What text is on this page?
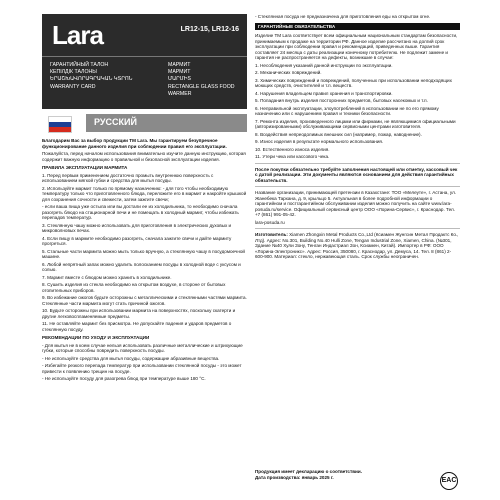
Lara	LR12-15, LR12-16
ГАРАНТИЙНЫЙ ТАЛОН
КЕПІЛДІК ТАЛОНЫ
ԵՐԱՇԽԱՎՈՐԱԳՐԱԿԱՆ ԿՏՐՈՆ
WARRANTY CARD
МАРМИТ
МАРМИТ
ՄԱՐՄԻՏ
RECTANGLE GLASS FOOD
WARMER
РУССКИЙ

Благодарим Вас за выбор продукции ТМ Lara. Мы гарантируем безупречное функционирование данного изделия при соблюдении правил его эксплуатации.

Пожалуйста, перед началом использования внимательно изучите данную инструкцию, которая содержит важную информацию о правильной и безопасной эксплуатации изделия.

ПРАВИЛА ЭКСПЛУАТАЦИИ МАРМИТА

1. Перед первым применением достаточно промыть внутреннюю поверхность с использованием мягкой губки и средства для мытья посуды.

2. Используйте мармит только по прямому назначению: - для того чтобы необходимую температуру только что приготовленного блюда, переложите его в мармит и накройте крышкой для сохранения сочности и свежести, затем зажгите свечи;

- если ваша пища уже остыла или вы достали ее из холодильника, то необходимо сначала разогреть блюдо на стационарной печи и не помещать в холодный мармит, чтобы избежать перепадов температур.

3. Стеклянную чашу можно использовать для приготовления в электрических духовых и микроволновых печах.

4. Если пищу в мармите необходимо разогреть, сначала зажгите свечи и дайте мармиту прогреться.

5. Стальные части мармита можно мыть только вручную, а стеклянную чашу в посудомоечной машине.

6. Любой непрятный запах можно удалить полосканием посуды в холодной воде с уксусом и солью.

7. Мармит вместе с блюдом можно хранить в холодильнике.

8. Сушить изделия из стекла необходимо на открытом воздухе, в стороне от бытовых отопительных приборов.

9. Во избежание ожогов будьте осторожны с металлическими и стеклянными частями мармита. Стеклянные части мармита могут стать причиной ожогов.

10. Будьте осторожны при использовании мармита на поверхностях, поскольку скатерти и другие легковоспламеняемые предметы.

11. Не оставляйте мармит без присмотра. Не допускайте падения и ударов предметов о стеклянную посуду.

РЕКОМЕНДАЦИИ ПО УХОДУ И ЭКСПЛУАТАЦИИ

- Для мытья не в коем случае нельзя использовать различные металлические и штрихующие губки, которые способны повредить поверхность посуды.

- Не используйте средства для мытья посуды, содержащие абразивные вещества.

- Избегайте резкого перепада температур при использовании стеклянной посуды - это может привести к появлению трещин на посуде.

- Не используйте посуду для разогрева блюд при температуре выше 180 °С.

- Стеклянная посуда не предназначена для приготовления еды на открытом огне.

ГАРАНТИЙНЫЕ ОБЯЗАТЕЛЬСТВА

Изделие ТМ Lara соответствует всем официальным национальным стандартам безопасности, принимаемым к продаже на территории РФ. Данное изделие рассчитано на долгий срок эксплуатации при соблюдении правил и рекомендаций, приведенных выше. Гарантия составляет 24 месяца с даты реализации конечному потребителю. Не подлежит замене и гарантия не распространяется на дефекты, возникшие в случае:

1. Несоблюдения указаний данной инструкции по эксплуатации.

2. Механических повреждений.

3. Химических повреждений и повреждений, полученных при использовании неподходящих моющих средств, очистителей и т.п. веществ.

4. Нарушения владельцем правил хранения и транспортировки.

5. Попадания внутрь изделия посторонних предметов, бытовых насекомых и т.п.

6. Неправильной эксплуатации, злоупотреблений в использовании не по его прямому назначению или с нарушением правил и техники безопасности.

7. Ремонта изделия, произведенного лицами или фирмами, не являющимися официальными (авторизированными) обслуживающими сервисными центрами изготовителя.

8. Воздействия непреодолимых внешних сил (например, пожар, наводнение).

9. Износ изделия в результате нормального использования.

10. Естественного износа изделия.

11. Утери чека или кассового чека.

После покупки обязательно требуйте заполнения настоящей или отметку, кассовый чек с датой реализации. Эти документы являются основанием для действия гарантийных обязательств.

Название организации, принимающей претензии в Казахстане: ТОО «Мелеуте», г. Астана, ул. Жанебека Тархана, д. 9, крыльцо 5. Актуальная в более подробной информации о гарантийном и постгарантийном обслуживании изделия можно получить на сайте www.lara-posuda.ru/service. Официальный сервисный центр ООО «Лорина-Сервис», г. Краснодар. Тел. +7 (861) 991-05-42.

lara-posuda.ru

Изготовитель: Xiamen Zhongxin Metal Products Co.,Ltd (Ксиамен Жунгсин Метал Продактс Ко., Лтд). Адрес: No.301, Building No.40 Hulli Zone, Tengan Industrial Zone, Xiamen, China. (№301, Здание №40 Хули Зону, Тенган Индастриал Зон, Ксиамен, Китай). Импортер в РФ: ООО «Лорина-Электроникс». Адрес: Россия, 350080, г. Краснодар, ул. Демуса, 14. Тел. 8 (861) 2-600-900. Материал: стекло, нержавеющая сталь. Срок службы неограничен.

Продукция имеет декларацию о соответствии.
Дата производства: январь 2025 г.	EAC
